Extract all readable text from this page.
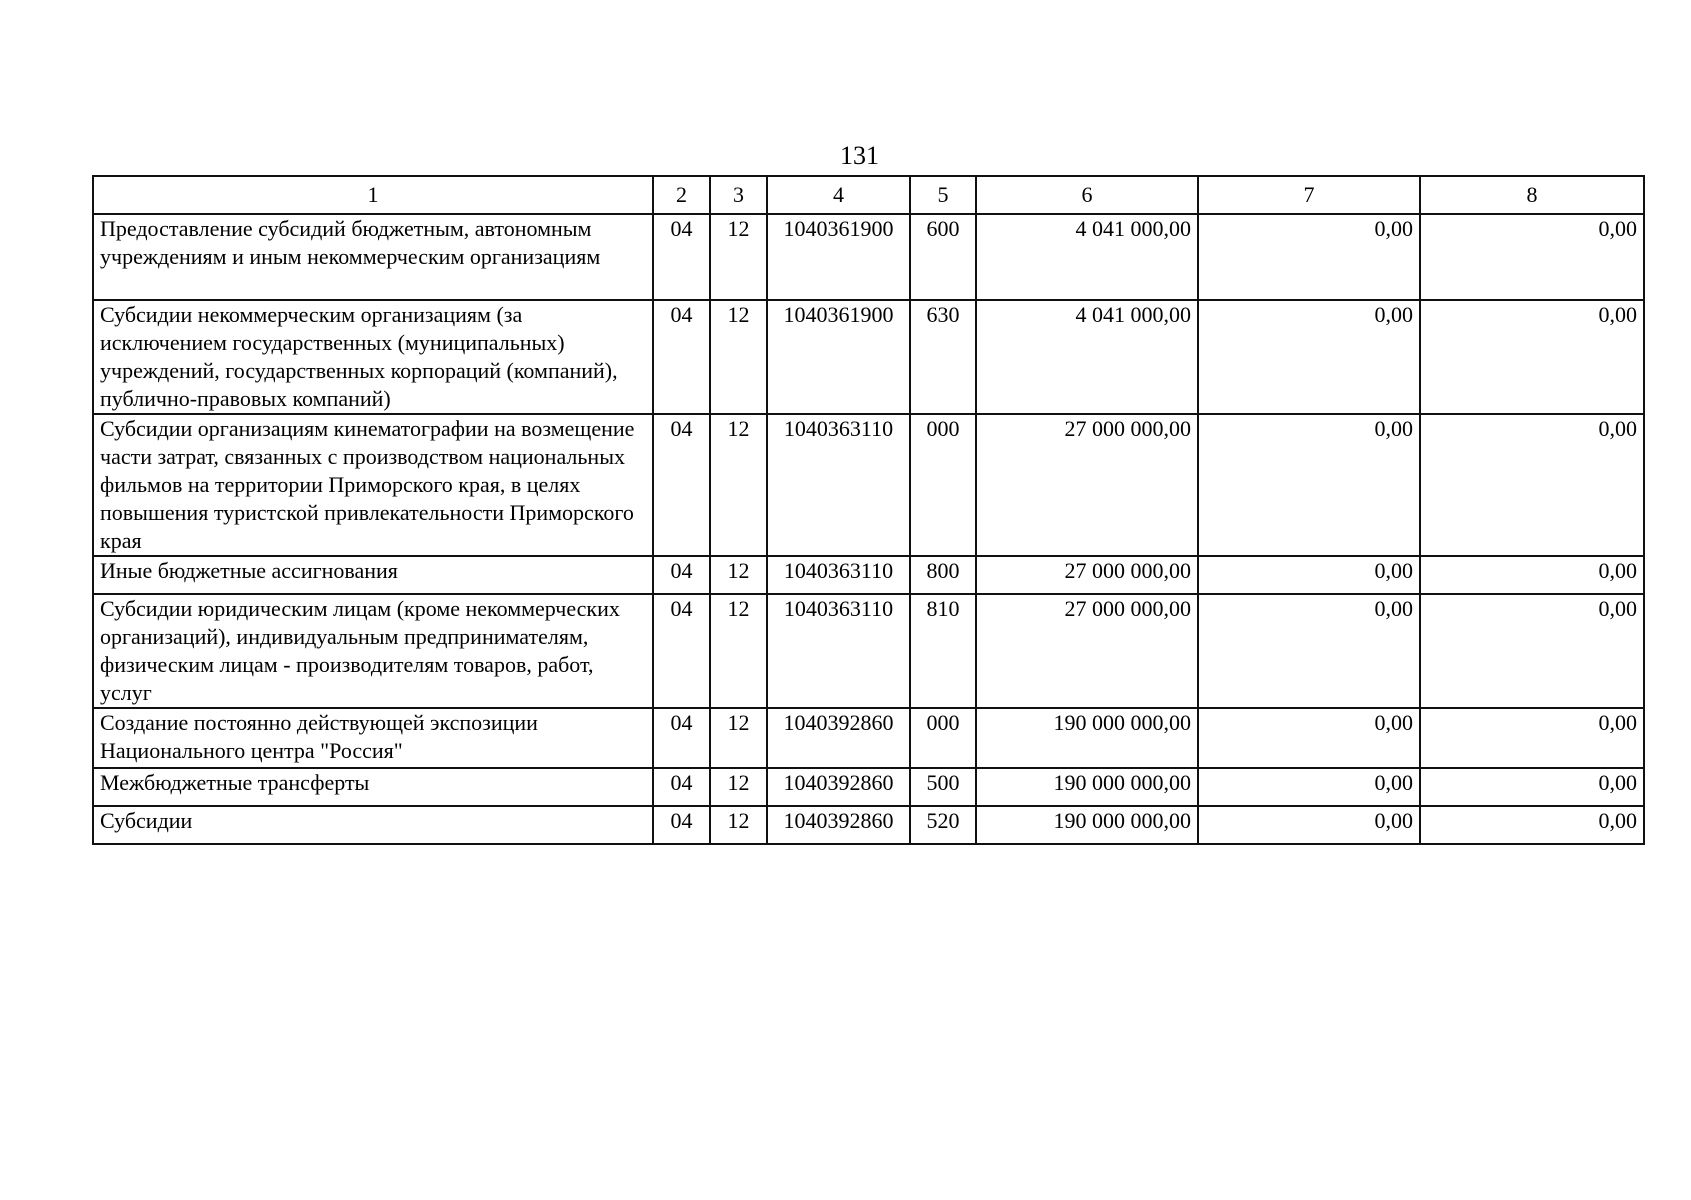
131
1	2	3	4	5	6	7	8
Предоставление субсидий бюджетным, автономным учреждениям и иным некоммерческим организациям	04	12	1040361900	600	4 041 000,00	0,00	0,00
Субсидии некоммерческим организациям (за исключением государственных (муниципальных) учреждений, государственных корпораций (компаний), публично-правовых компаний)	04	12	1040361900	630	4 041 000,00	0,00	0,00
Субсидии организациям кинематографии на возмещение части затрат, связанных с производством национальных фильмов на территории Приморского края, в целях повышения туристской привлекательности Приморского края	04	12	1040363110	000	27 000 000,00	0,00	0,00
Иные бюджетные ассигнования	04	12	1040363110	800	27 000 000,00	0,00	0,00
Субсидии юридическим лицам (кроме некоммерческих организаций), индивидуальным предпринимателям, физическим лицам - производителям товаров, работ, услуг	04	12	1040363110	810	27 000 000,00	0,00	0,00
Создание постоянно действующей экспозиции Национального центра "Россия"	04	12	1040392860	000	190 000 000,00	0,00	0,00
Межбюджетные трансферты	04	12	1040392860	500	190 000 000,00	0,00	0,00
Субсидии	04	12	1040392860	520	190 000 000,00	0,00	0,00
